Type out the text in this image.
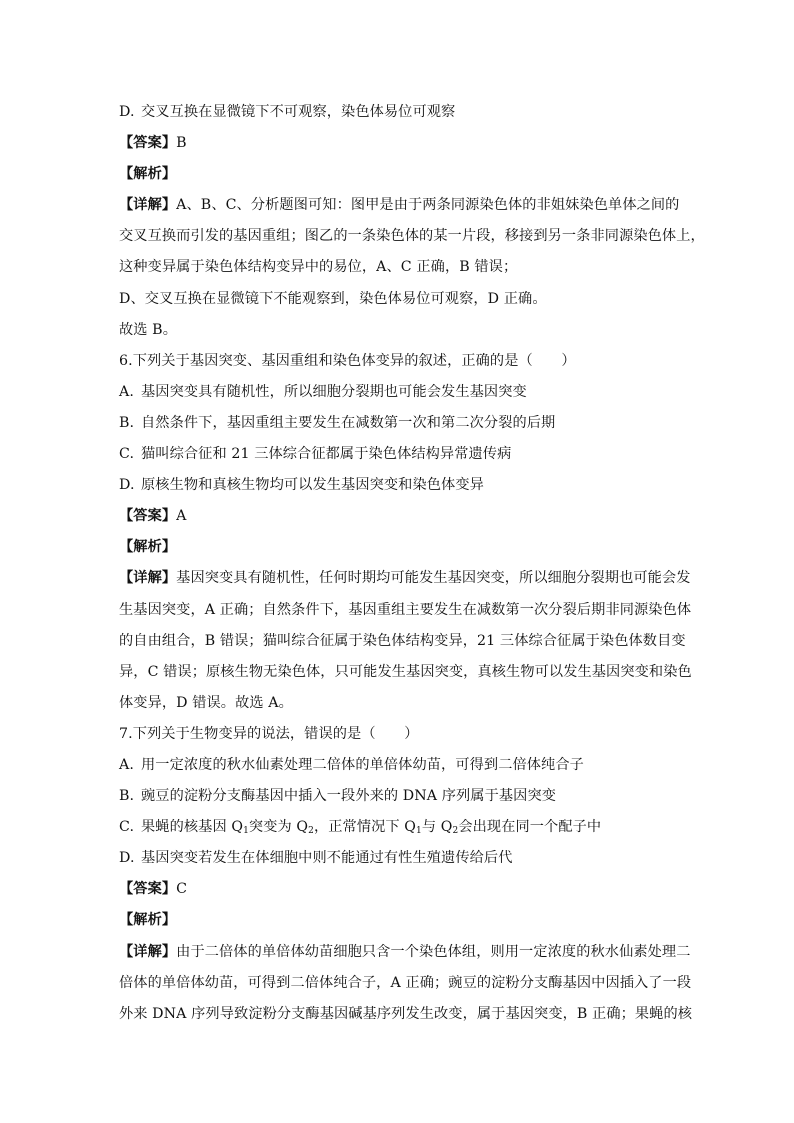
D. 交叉互换在显微镜下不可观察，染色体易位可观察
【答案】B
【解析】
【详解】A、B、C、分析题图可知：图甲是由于两条同源染色体的非姐妹染色单体之间的
交叉互换而引发的基因重组；图乙的一条染色体的某一片段，移接到另一条非同源染色体上，
这种变异属于染色体结构变异中的易位，A、C 正确，B 错误；
D、交叉互换在显微镜下不能观察到，染色体易位可观察，D 正确。
故选 B。
6.下列关于基因突变、基因重组和染色体变异的叙述，正确的是（　　）
A. 基因突变具有随机性，所以细胞分裂期也可能会发生基因突变
B. 自然条件下，基因重组主要发生在减数第一次和第二次分裂的后期
C. 猫叫综合征和 21 三体综合征都属于染色体结构异常遗传病
D. 原核生物和真核生物均可以发生基因突变和染色体变异
【答案】A
【解析】
【详解】基因突变具有随机性，任何时期均可能发生基因突变，所以细胞分裂期也可能会发
生基因突变，A 正确；自然条件下，基因重组主要发生在减数第一次分裂后期非同源染色体
的自由组合，B 错误；猫叫综合征属于染色体结构变异，21 三体综合征属于染色体数目变
异，C 错误；原核生物无染色体，只可能发生基因突变，真核生物可以发生基因突变和染色
体变异，D 错误。故选 A。
7.下列关于生物变异的说法，错误的是（　　）
A. 用一定浓度的秋水仙素处理二倍体的单倍体幼苗，可得到二倍体纯合子
B. 豌豆的淀粉分支酶基因中插入一段外来的 DNA 序列属于基因突变
C. 果蝇的核基因 $Q_1$突变为 $Q_2$，正常情况下 $Q_1$与 $Q_2$会出现在同一个配子中
D. 基因突变若发生在体细胞中则不能通过有性生殖遗传给后代
【答案】C
【解析】
【详解】由于二倍体的单倍体幼苗细胞只含一个染色体组，则用一定浓度的秋水仙素处理二
倍体的单倍体幼苗，可得到二倍体纯合子，A 正确；豌豆的淀粉分支酶基因中因插入了一段
外来 DNA 序列导致淀粉分支酶基因碱基序列发生改变，属于基因突变，B 正确；果蝇的核
